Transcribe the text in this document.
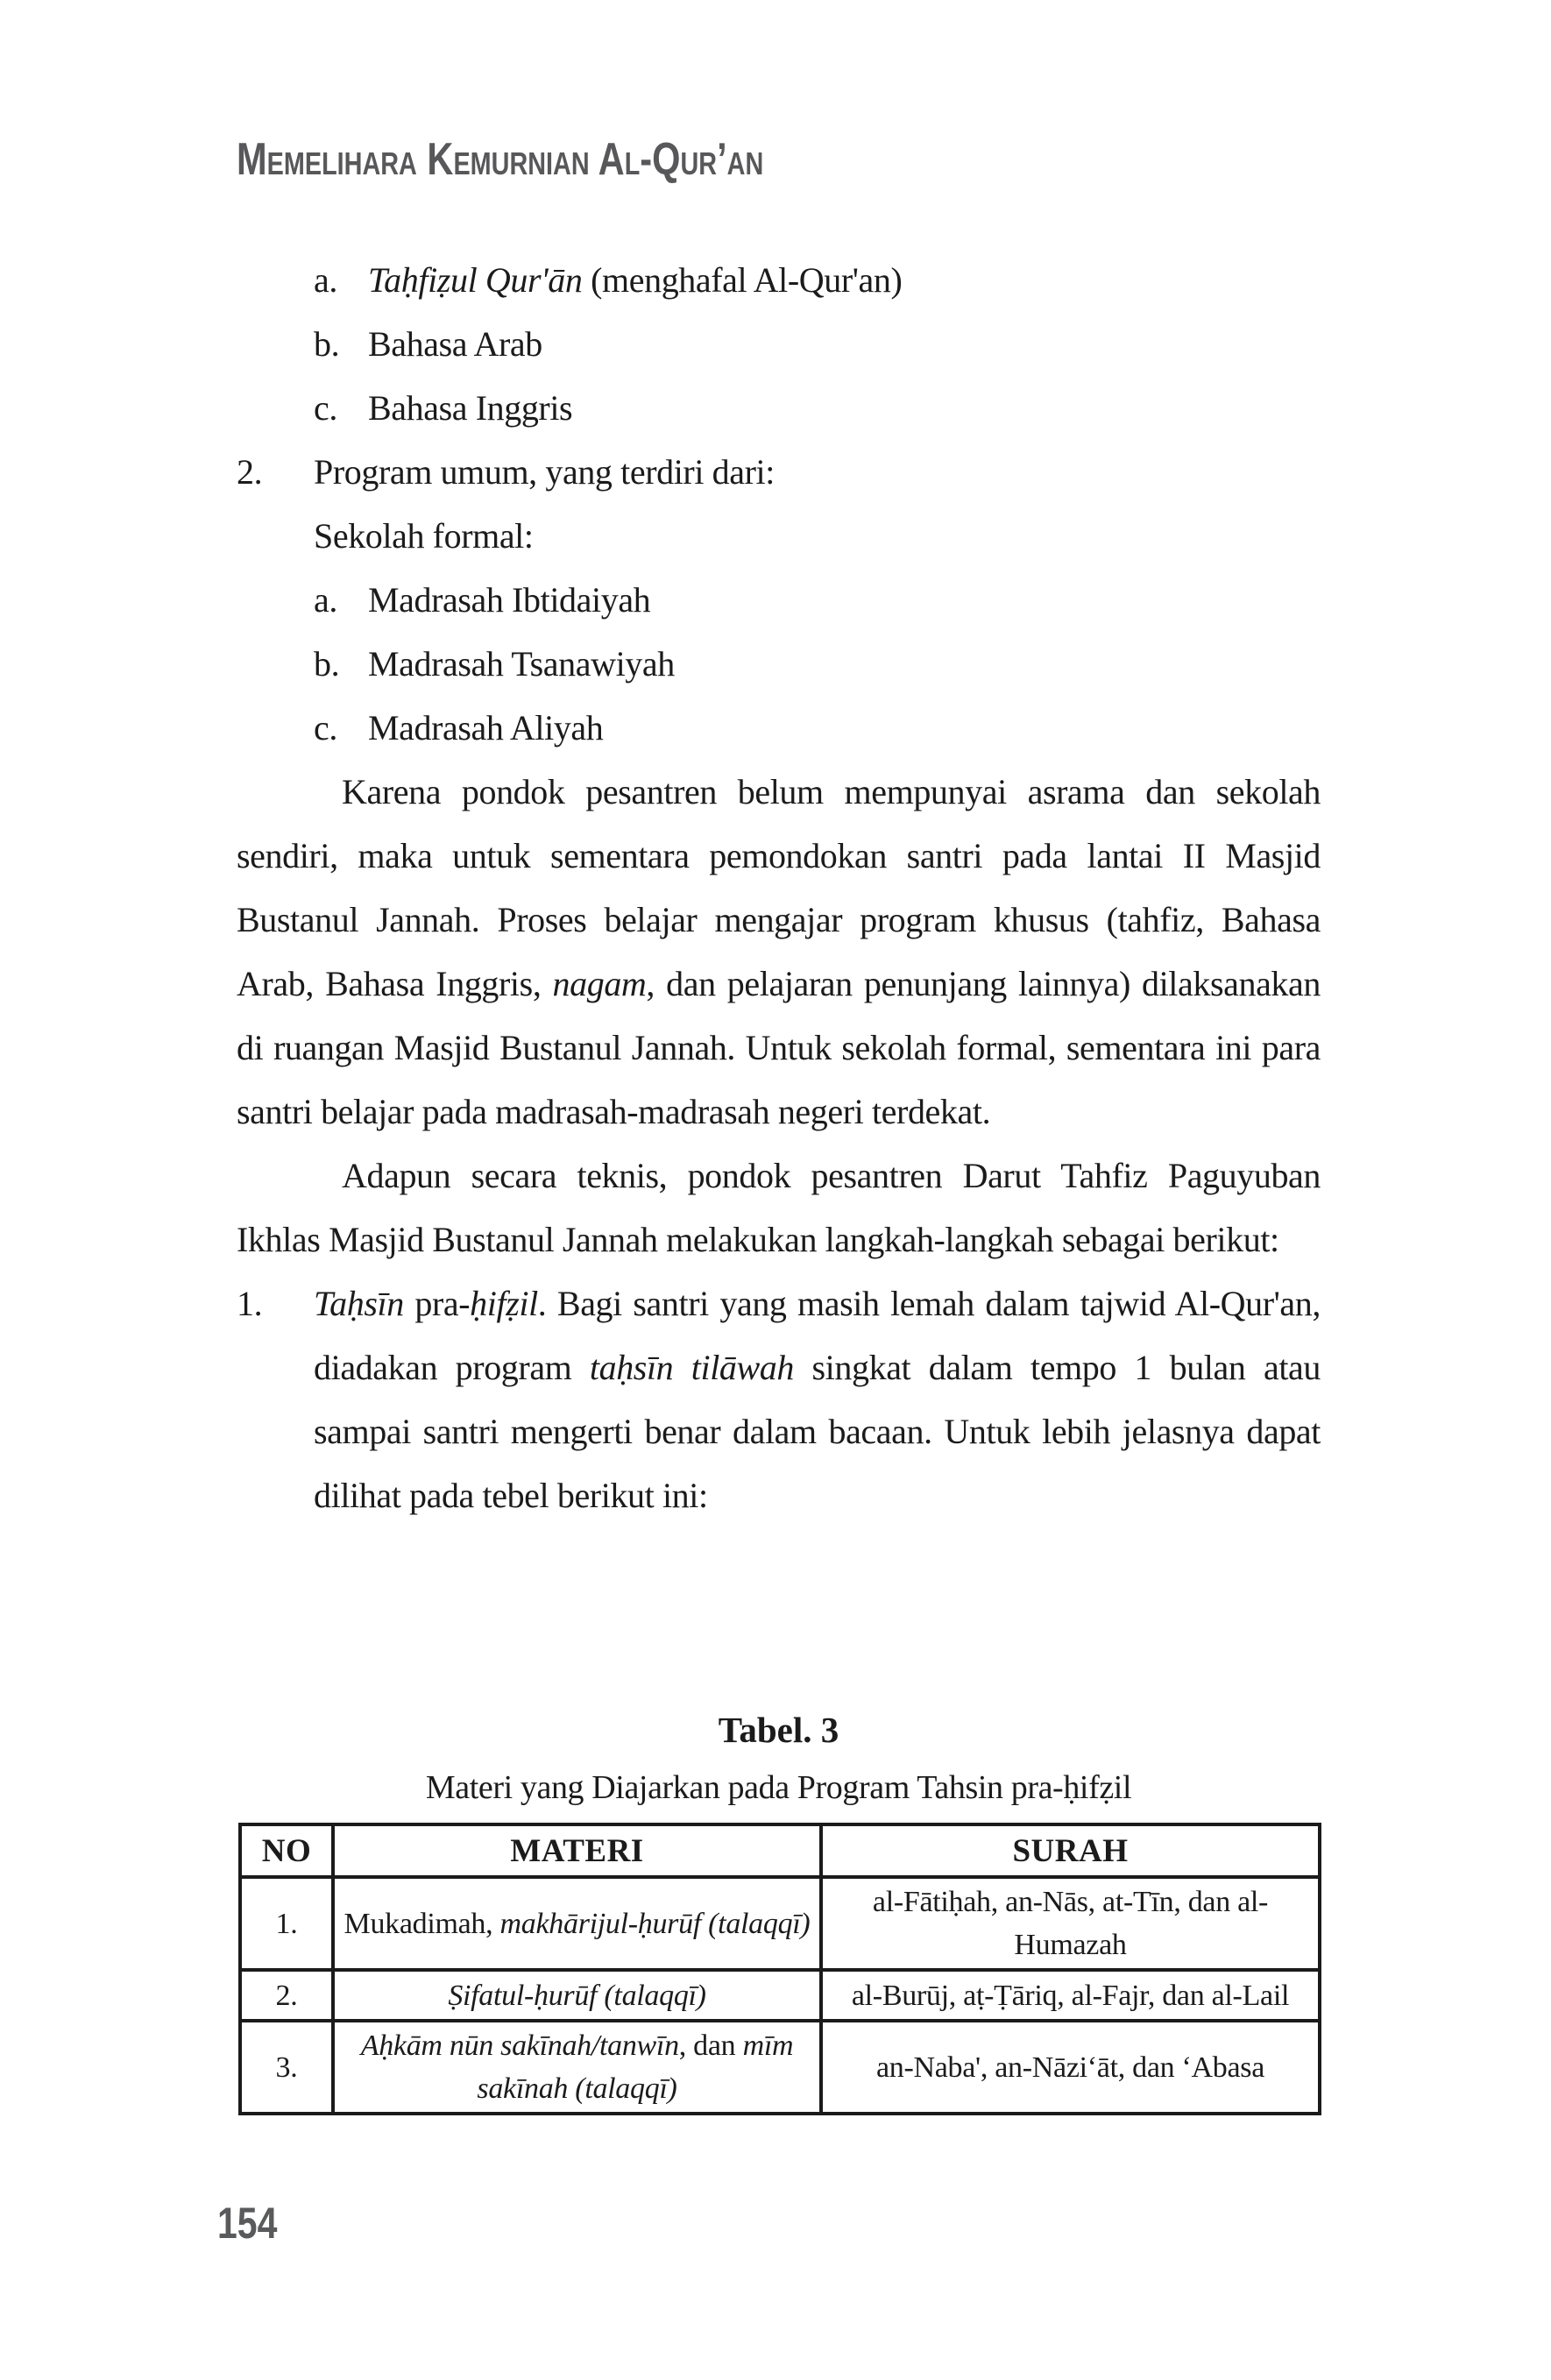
Memelihara Kemurnian Al-Qur’an
a. Taḥfiẓul Qur'ān (menghafal Al-Qur'an)
b. Bahasa Arab
c. Bahasa Inggris
2. Program umum, yang terdiri dari:
Sekolah formal:
a. Madrasah Ibtidaiyah
b. Madrasah Tsanawiyah
c. Madrasah Aliyah

Karena pondok pesantren belum mempunyai asrama dan sekolah sendiri, maka untuk sementara pemondokan santri pada lantai II Masjid Bustanul Jannah. Proses belajar mengajar program khusus (tahfiz, Bahasa Arab, Bahasa Inggris, nagam, dan pelajaran penunjang lainnya) dilaksanakan di ruangan Masjid Bustanul Jannah. Untuk sekolah formal, sementara ini para santri belajar pada madrasah-madrasah negeri terdekat.

Adapun secara teknis, pondok pesantren Darut Tahfiz Paguyuban Ikhlas Masjid Bustanul Jannah melakukan langkah-langkah sebagai berikut:

1. Taḥsīn pra-ḥifẓil. Bagi santri yang masih lemah dalam tajwid Al-Qur'an, diadakan program taḥsīn tilāwah singkat dalam tempo 1 bulan atau sampai santri mengerti benar dalam bacaan. Untuk lebih jelasnya dapat dilihat pada tebel berikut ini:
Tabel. 3
Materi yang Diajarkan pada Program Tahsin pra-ḥifẓil
NO	MATERI	SURAH
1.	Mukadimah, makhārijul-ḥurūf (talaqqī)	al-Fātiḥah, an-Nās, at-Tīn, dan al-Humazah
2.	Ṣifatul-ḥurūf (talaqqī)	al-Burūj, aṭ-Ṭāriq, al-Fajr, dan al-Lail
3.	Aḥkām nūn sakīnah/tanwīn, dan mīm sakīnah (talaqqī)	an-Naba', an-Nāzi‘āt, dan ‘Abasa
154
